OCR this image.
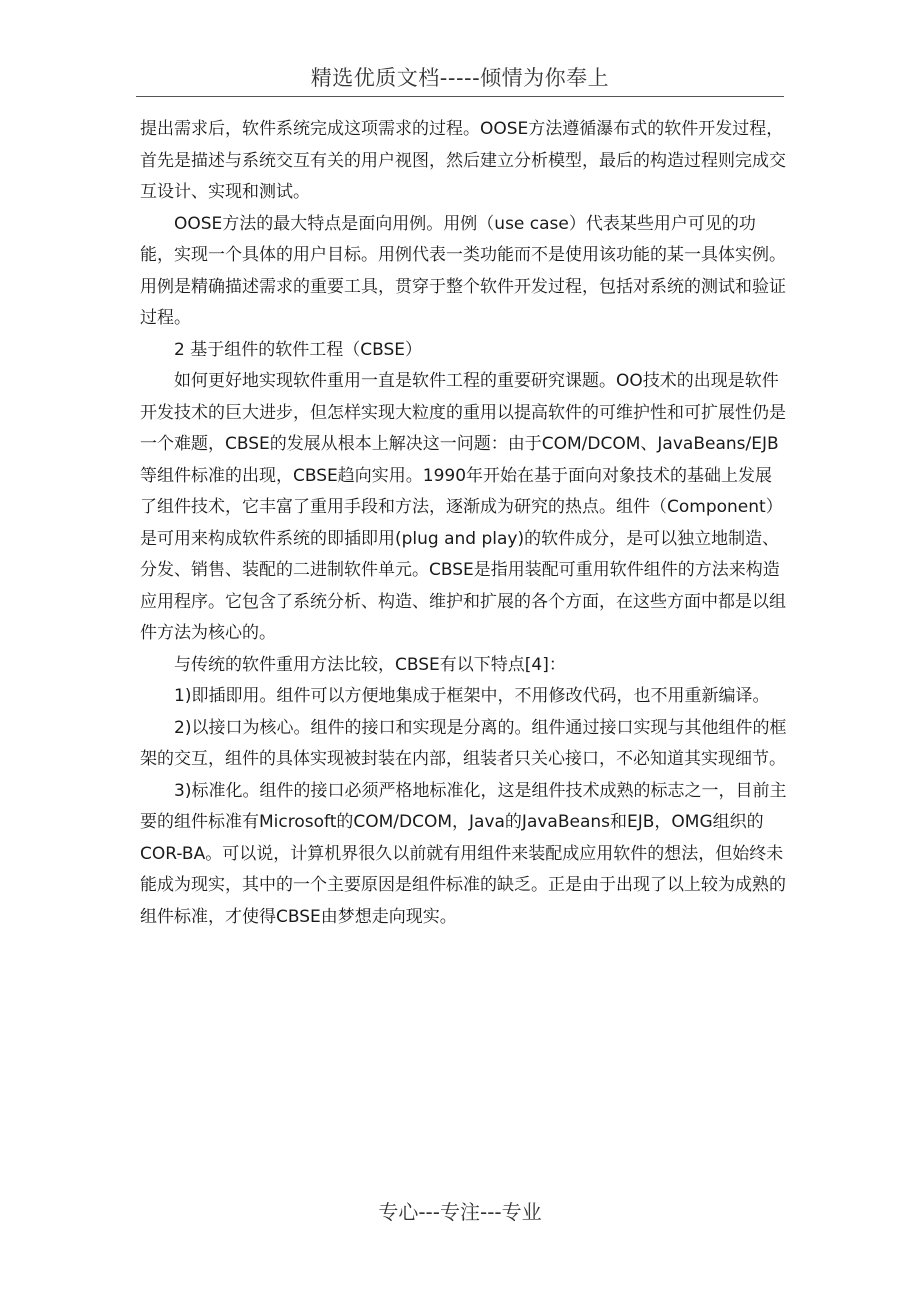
精选优质文档-----倾情为你奉上

提出需求后，软件系统完成这项需求的过程。OOSE方法遵循瀑布式的软件开发过程，首先是描述与系统交互有关的用户视图，然后建立分析模型，最后的构造过程则完成交互设计、实现和测试。

OOSE方法的最大特点是面向用例。用例（use case）代表某些用户可见的功能，实现一个具体的用户目标。用例代表一类功能而不是使用该功能的某一具体实例。用例是精确描述需求的重要工具，贯穿于整个软件开发过程，包括对系统的测试和验证过程。

2 基于组件的软件工程（CBSE）

如何更好地实现软件重用一直是软件工程的重要研究课题。OO技术的出现是软件开发技术的巨大进步，但怎样实现大粒度的重用以提高软件的可维护性和可扩展性仍是一个难题，CBSE的发展从根本上解决这一问题：由于COM/DCOM、JavaBeans/EJB等组件标准的出现，CBSE趋向实用。1990年开始在基于面向对象技术的基础上发展了组件技术，它丰富了重用手段和方法，逐渐成为研究的热点。组件（Component）是可用来构成软件系统的即插即用(plug and play)的软件成分，是可以独立地制造、分发、销售、装配的二进制软件单元。CBSE是指用装配可重用软件组件的方法来构造应用程序。它包含了系统分析、构造、维护和扩展的各个方面，在这些方面中都是以组件方法为核心的。

与传统的软件重用方法比较，CBSE有以下特点[4]：

1)即插即用。组件可以方便地集成于框架中，不用修改代码，也不用重新编译。

2)以接口为核心。组件的接口和实现是分离的。组件通过接口实现与其他组件的框架的交互，组件的具体实现被封装在内部，组装者只关心接口，不必知道其实现细节。

3)标准化。组件的接口必须严格地标准化，这是组件技术成熟的标志之一，目前主要的组件标准有Microsoft的COM/DCOM，Java的JavaBeans和EJB，OMG组织的COR-BA。可以说，计算机界很久以前就有用组件来装配成应用软件的想法，但始终未能成为现实，其中的一个主要原因是组件标准的缺乏。正是由于出现了以上较为成熟的组件标准，才使得CBSE由梦想走向现实。

专心---专注---专业
